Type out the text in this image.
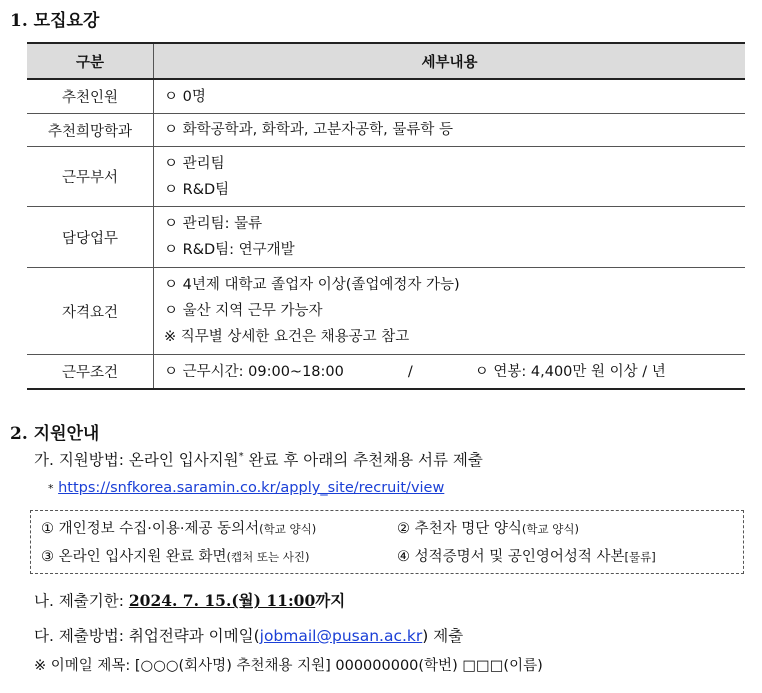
1. 모집요강
구분	세부내용
추천인원	ㅇ 0명

추천희망학과	ㅇ 화학공학과, 화학과, 고분자공학, 물류학 등

근무부서	ㅇ 관리팀
ㅇ R&D팀

담당업무	ㅇ 관리팀: 물류
ㅇ R&D팀: 연구개발

자격요건	ㅇ 4년제 대학교 졸업자 이상(졸업예정자 가능)
ㅇ 울산 지역 근무 가능자
※ 직무별 상세한 요건은 채용공고 참고

근무조건	ㅇ 근무시간: 09:00~18:00 / ㅇ 연봉: 4,400만 원 이상 / 년
2. 지원안내
가. 지원방법: 온라인 입사지원* 완료 후 아래의 추천채용 서류 제출
* https://snfkorea.saramin.co.kr/apply_site/recruit/view
① 개인정보 수집·이용·제공 동의서(학교 양식)	② 추천자 명단 양식(학교 양식)
③ 온라인 입사지원 완료 화면(캡처 또는 사진)	④ 성적증명서 및 공인영어성적 사본[물류]
나. 제출기한: 2024. 7. 15.(월) 11:00까지
다. 제출방법: 취업전략과 이메일(jobmail@pusan.ac.kr) 제출
※ 이메일 제목: [○○○(회사명) 추천채용 지원] 000000000(학번) □□□(이름)
